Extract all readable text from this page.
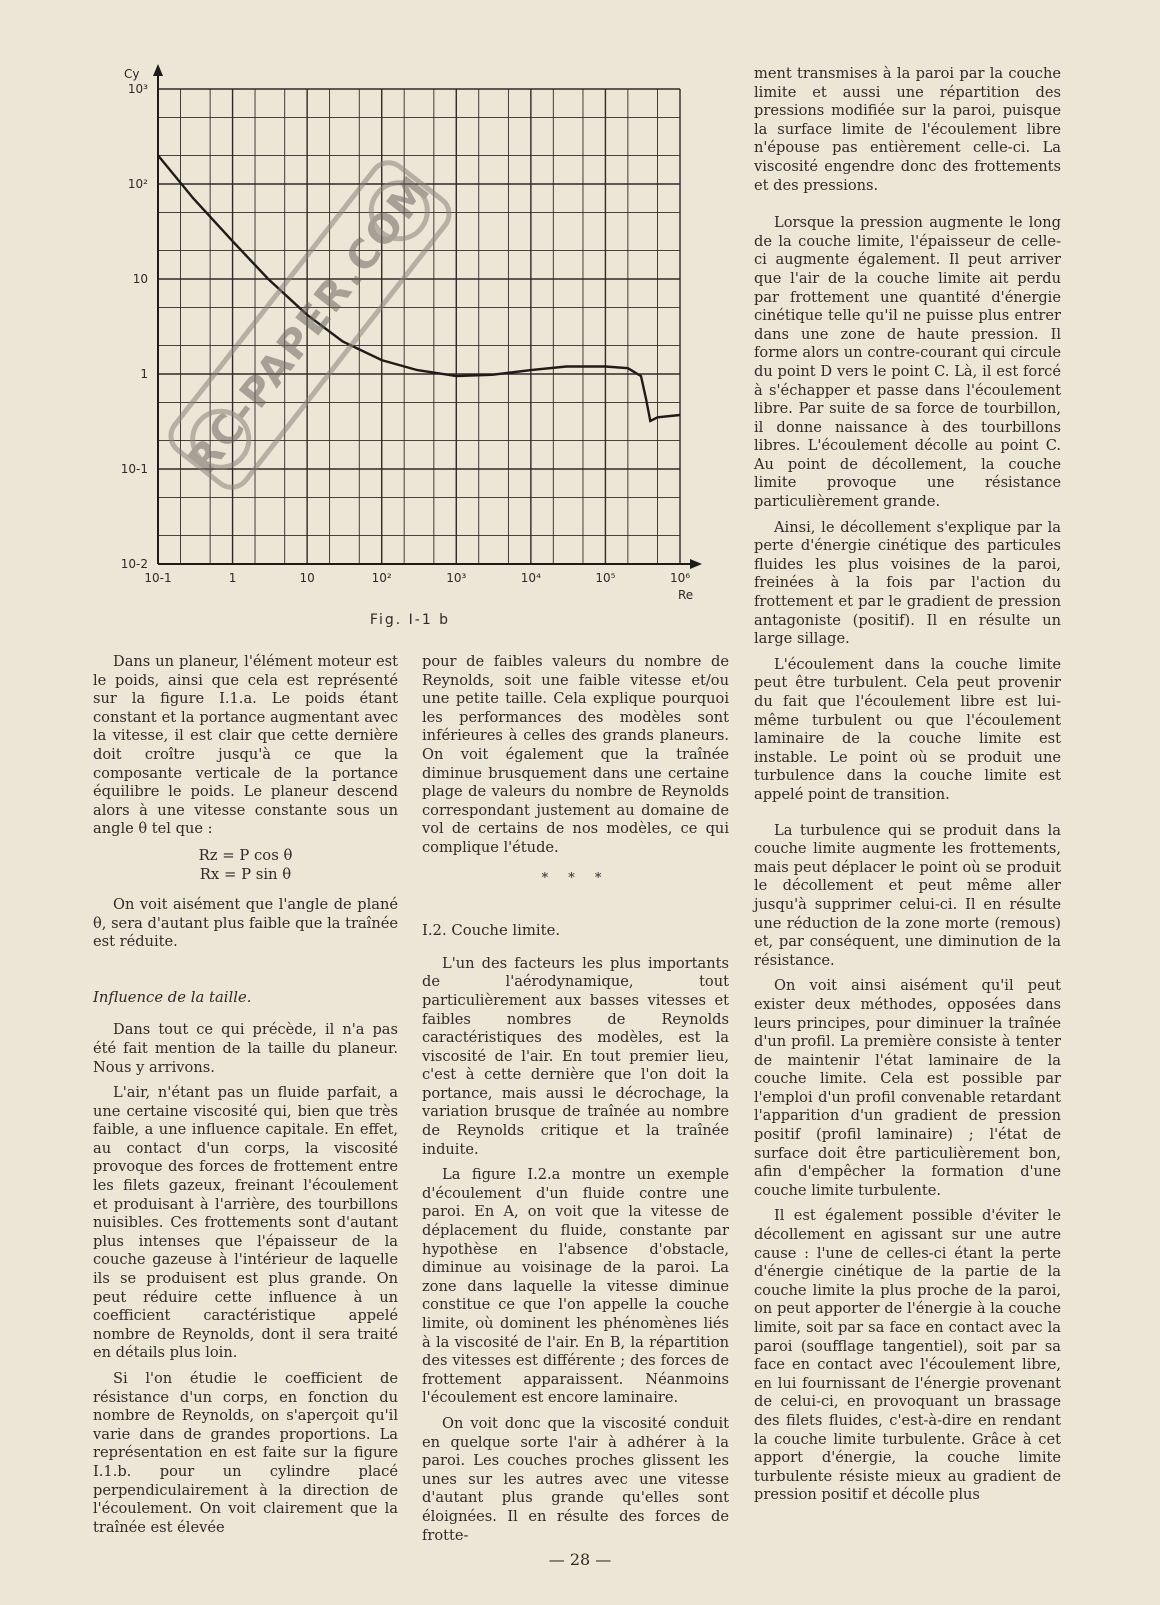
10-1	1	10	10²	10³	10⁴	10⁵	10⁶
10³
10²
10
1
10-1
10-2
Cy
Re
RC-PAPER.COM
Fig. I-1 b

Dans un planeur, l'élément moteur est le poids, ainsi que cela est représenté sur la figure I.1.a. Le poids étant constant et la portance augmentant avec la vitesse, il est clair que cette dernière doit croître jusqu'à ce que la composante verticale de la portance équilibre le poids. Le planeur descend alors à une vitesse constante sous un angle θ tel que :

Rz = P cos θ
Rx = P sin θ

On voit aisément que l'angle de plané θ, sera d'autant plus faible que la traînée est réduite.

Influence de la taille.

Dans tout ce qui précède, il n'a pas été fait mention de la taille du planeur. Nous y arrivons.

L'air, n'étant pas un fluide parfait, a une certaine viscosité qui, bien que très faible, a une influence capitale. En effet, au contact d'un corps, la viscosité provoque des forces de frottement entre les filets gazeux, freinant l'écoulement et produisant à l'arrière, des tourbillons nuisibles. Ces frottements sont d'autant plus intenses que l'épaisseur de la couche gazeuse à l'intérieur de laquelle ils se produisent est plus grande. On peut réduire cette influence à un coefficient caractéristique appelé nombre de Reynolds, dont il sera traité en détails plus loin.

Si l'on étudie le coefficient de résistance d'un corps, en fonction du nombre de Reynolds, on s'aperçoit qu'il varie dans de grandes proportions. La représentation en est faite sur la figure I.1.b. pour un cylindre placé perpendiculairement à la direction de l'écoulement. On voit clairement que la traînée est élevée

pour de faibles valeurs du nombre de Reynolds, soit une faible vitesse et/ou une petite taille. Cela explique pourquoi les performances des modèles sont inférieures à celles des grands planeurs. On voit également que la traînée diminue brusquement dans une certaine plage de valeurs du nombre de Reynolds correspondant justement au domaine de vol de certains de nos modèles, ce qui complique l'étude.

* * *
I.2. Couche limite.

L'un des facteurs les plus importants de l'aérodynamique, tout particulièrement aux basses vitesses et faibles nombres de Reynolds caractéristiques des modèles, est la viscosité de l'air. En tout premier lieu, c'est à cette dernière que l'on doit la portance, mais aussi le décrochage, la variation brusque de traînée au nombre de Reynolds critique et la traînée induite.

La figure I.2.a montre un exemple d'écoulement d'un fluide contre une paroi. En A, on voit que la vitesse de déplacement du fluide, constante par hypothèse en l'absence d'obstacle, diminue au voisinage de la paroi. La zone dans laquelle la vitesse diminue constitue ce que l'on appelle la couche limite, où dominent les phénomènes liés à la viscosité de l'air. En B, la répartition des vitesses est différente ; des forces de frottement apparaissent. Néanmoins l'écoulement est encore laminaire.

On voit donc que la viscosité conduit en quelque sorte l'air à adhérer à la paroi. Les couches proches glissent les unes sur les autres avec une vitesse d'autant plus grande qu'elles sont éloignées. Il en résulte des forces de frotte-

ment transmises à la paroi par la couche limite et aussi une répartition des pressions modifiée sur la paroi, puisque la surface limite de l'écoulement libre n'épouse pas entièrement celle-ci. La viscosité engendre donc des frottements et des pressions.

Lorsque la pression augmente le long de la couche limite, l'épaisseur de celle-ci augmente également. Il peut arriver que l'air de la couche limite ait perdu par frottement une quantité d'énergie cinétique telle qu'il ne puisse plus entrer dans une zone de haute pression. Il forme alors un contre-courant qui circule du point D vers le point C. Là, il est forcé à s'échapper et passe dans l'écoulement libre. Par suite de sa force de tourbillon, il donne naissance à des tourbillons libres. L'écoulement décolle au point C. Au point de décollement, la couche limite provoque une résistance particulièrement grande.

Ainsi, le décollement s'explique par la perte d'énergie cinétique des particules fluides les plus voisines de la paroi, freinées à la fois par l'action du frottement et par le gradient de pression antagoniste (positif). Il en résulte un large sillage.

L'écoulement dans la couche limite peut être turbulent. Cela peut provenir du fait que l'écoulement libre est lui-même turbulent ou que l'écoulement laminaire de la couche limite est instable. Le point où se produit une turbulence dans la couche limite est appelé point de transition.

La turbulence qui se produit dans la couche limite augmente les frottements, mais peut déplacer le point où se produit le décollement et peut même aller jusqu'à supprimer celui-ci. Il en résulte une réduction de la zone morte (remous) et, par conséquent, une diminution de la résistance.

On voit ainsi aisément qu'il peut exister deux méthodes, opposées dans leurs principes, pour diminuer la traînée d'un profil. La première consiste à tenter de maintenir l'état laminaire de la couche limite. Cela est possible par l'emploi d'un profil convenable retardant l'apparition d'un gradient de pression positif (profil laminaire) ; l'état de surface doit être particulièrement bon, afin d'empêcher la formation d'une couche limite turbulente.

Il est également possible d'éviter le décollement en agissant sur une autre cause : l'une de celles-ci étant la perte d'énergie cinétique de la partie de la couche limite la plus proche de la paroi, on peut apporter de l'énergie à la couche limite, soit par sa face en contact avec la paroi (soufflage tangentiel), soit par sa face en contact avec l'écoulement libre, en lui fournissant de l'énergie provenant de celui-ci, en provoquant un brassage des filets fluides, c'est-à-dire en rendant la couche limite turbulente. Grâce à cet apport d'énergie, la couche limite turbulente résiste mieux au gradient de pression positif et décolle plus

— 28 —
